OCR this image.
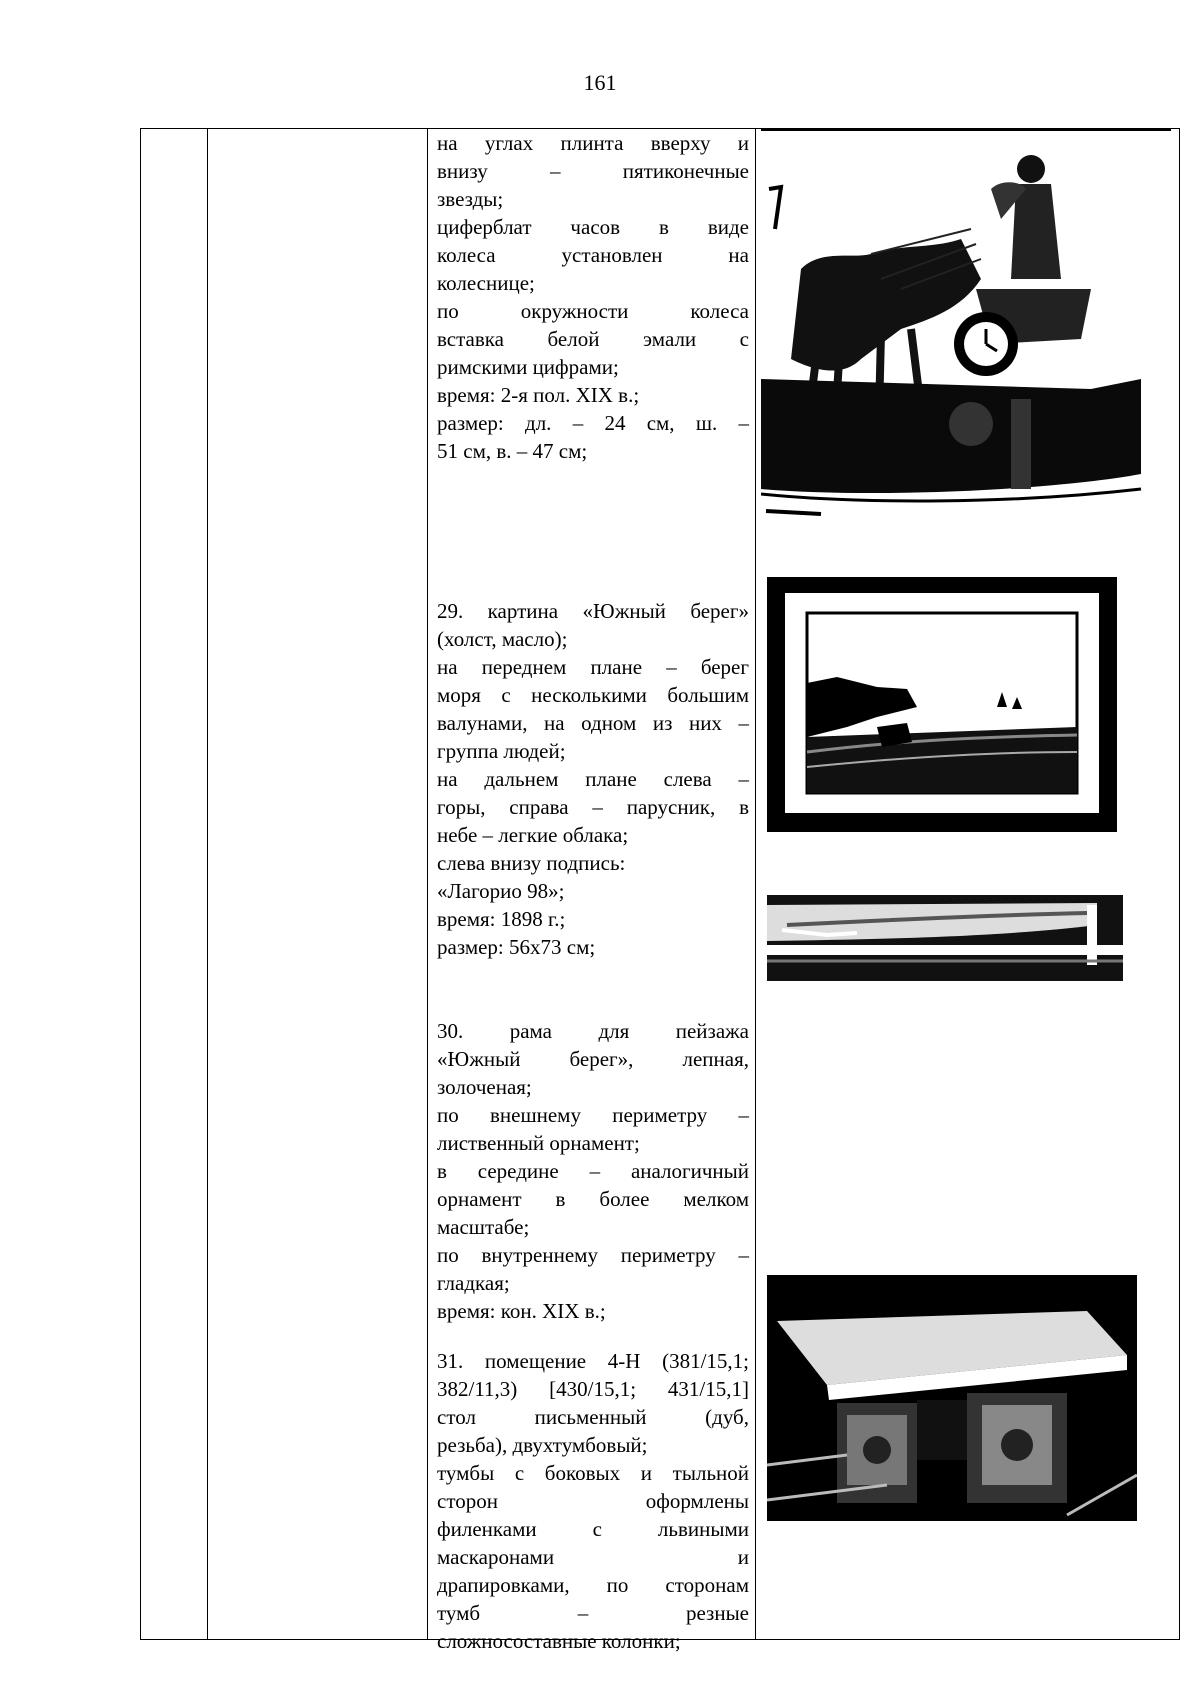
161

на углах плинта вверху и

внизу – пятиконечные

звезды;

циферблат часов в виде

колеса установлен на

колеснице;

по окружности колеса

вставка белой эмали с

римскими цифрами;

время: 2-я пол. XIX в.;

размер: дл. – 24 см, ш. –

51 см, в. – 47 см;

29. картина «Южный берег»

(холст, масло);

на переднем плане – берег

моря с несколькими большим

валунами, на одном из них –

группа людей;

на дальнем плане слева –

горы, справа – парусник, в

небе – легкие облака;

слева внизу подпись:

«Лагорио 98»;

время: 1898 г.;

размер: 56х73 см;

30. рама для пейзажа

«Южный берег», лепная,

золоченая;

по внешнему периметру –

лиственный орнамент;

в середине – аналогичный

орнамент в более мелком

масштабе;

по внутреннему периметру –

гладкая;

время: кон. XIX в.;

31. помещение 4-Н (381/15,1;

382/11,3) [430/15,1; 431/15,1]

стол письменный (дуб,

резьба), двухтумбовый;

тумбы с боковых и тыльной

сторон оформлены

филенками с львиными

маскаронами и

драпировками, по сторонам

тумб – резные

сложносоставные колонки;
